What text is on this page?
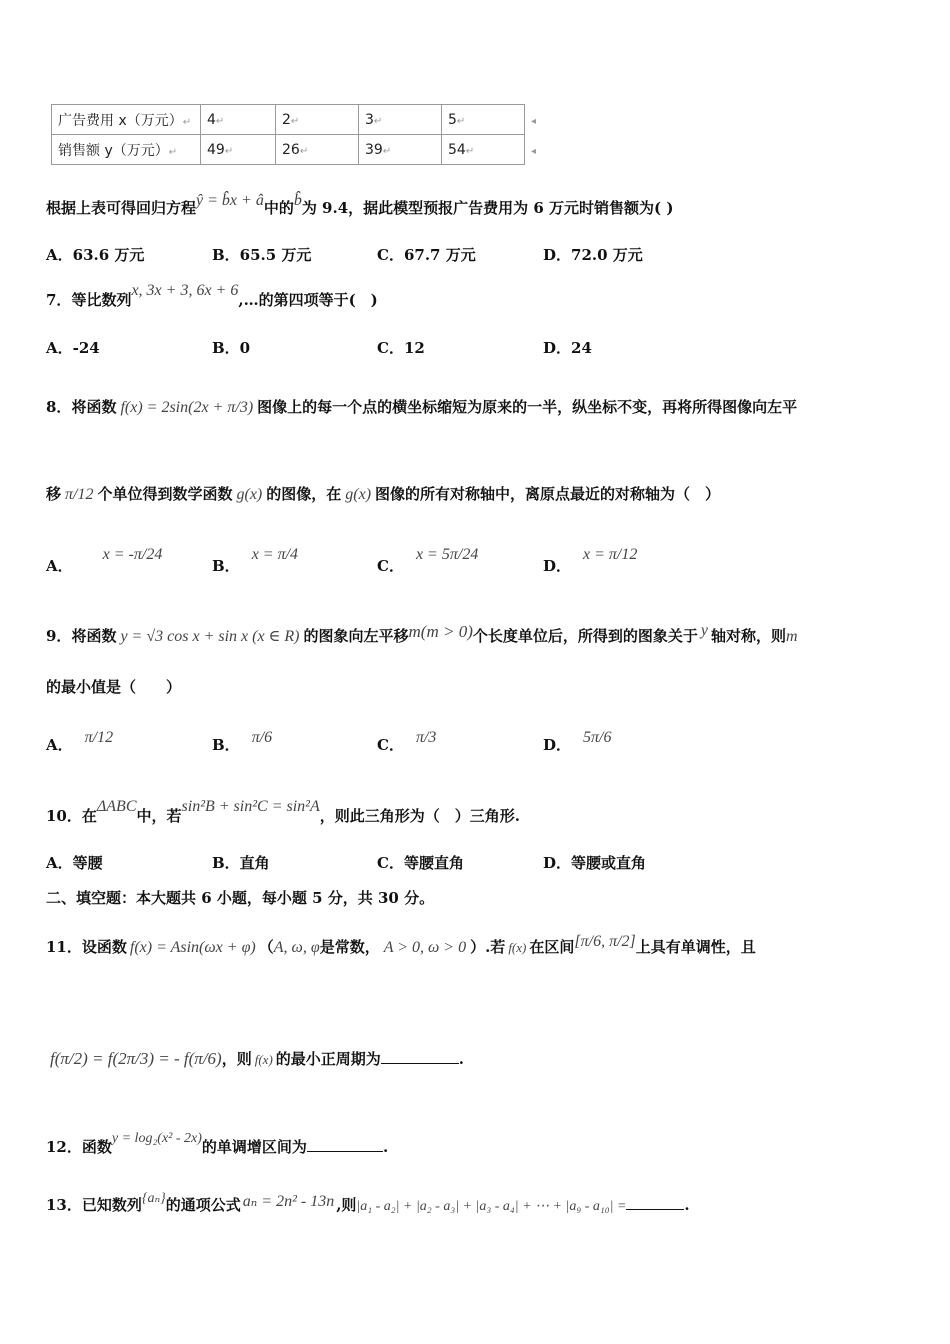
广告费用 x（万元）↵	4↵	2↵	3↵	5↵	◂
销售额 y（万元）↵	49↵	26↵	39↵	54↵	◂
根据上表可得回归方程ŷ = b̂x + â中的b̂为 9.4，据此模型预报广告费用为 6 万元时销售额为( )
A．63.6 万元	B．65.5 万元	C．67.7 万元	D．72.0 万元
7．等比数列x, 3x + 3, 6x + 6,…的第四项等于(　)
A．-24	B．0	C．12	D．24
8．将函数 f(x) = 2sin(2x + π/3) 图像上的每一个点的横坐标缩短为原来的一半，纵坐标不变，再将所得图像向左平
移 π/12 个单位得到数学函数 g(x) 的图像，在 g(x) 图像的所有对称轴中，离原点最近的对称轴为（　）
A．x = -π/24
B．x = π/4
C．x = 5π/24
D．x = π/12
9．将函数 y = √3 cos x + sin x (x ∈ R) 的图象向左平移m(m > 0)个长度单位后，所得到的图象关于 y 轴对称，则m
的最小值是（　　）
A． π/12	B． π/6	C． π/3	D． 5π/6
10．在ΔABC中，若sin²B + sin²C = sin²A，则此三角形为（　）三角形.
A．等腰	B．直角	C．等腰直角	D．等腰或直角
二、填空题：本大题共 6 小题，每小题 5 分，共 30 分。
11．设函数 f(x) = Asin(ωx + φ) （A, ω, φ是常数， A > 0, ω > 0 ）.若 f(x) 在区间[π/6, π/2]上具有单调性，且
f(π/2) = f(2π/3) = - f(π/6)，则 f(x) 的最小正周期为	.
12．函数y = log₂(x² - 2x)的单调增区间为	.
13．已知数列{aₙ}的通项公式 aₙ = 2n² - 13n ,则|a₁ - a₂| + |a₂ - a₃| + |a₃ - a₄| + ⋯ + |a₉ - a₁₀| =	.
